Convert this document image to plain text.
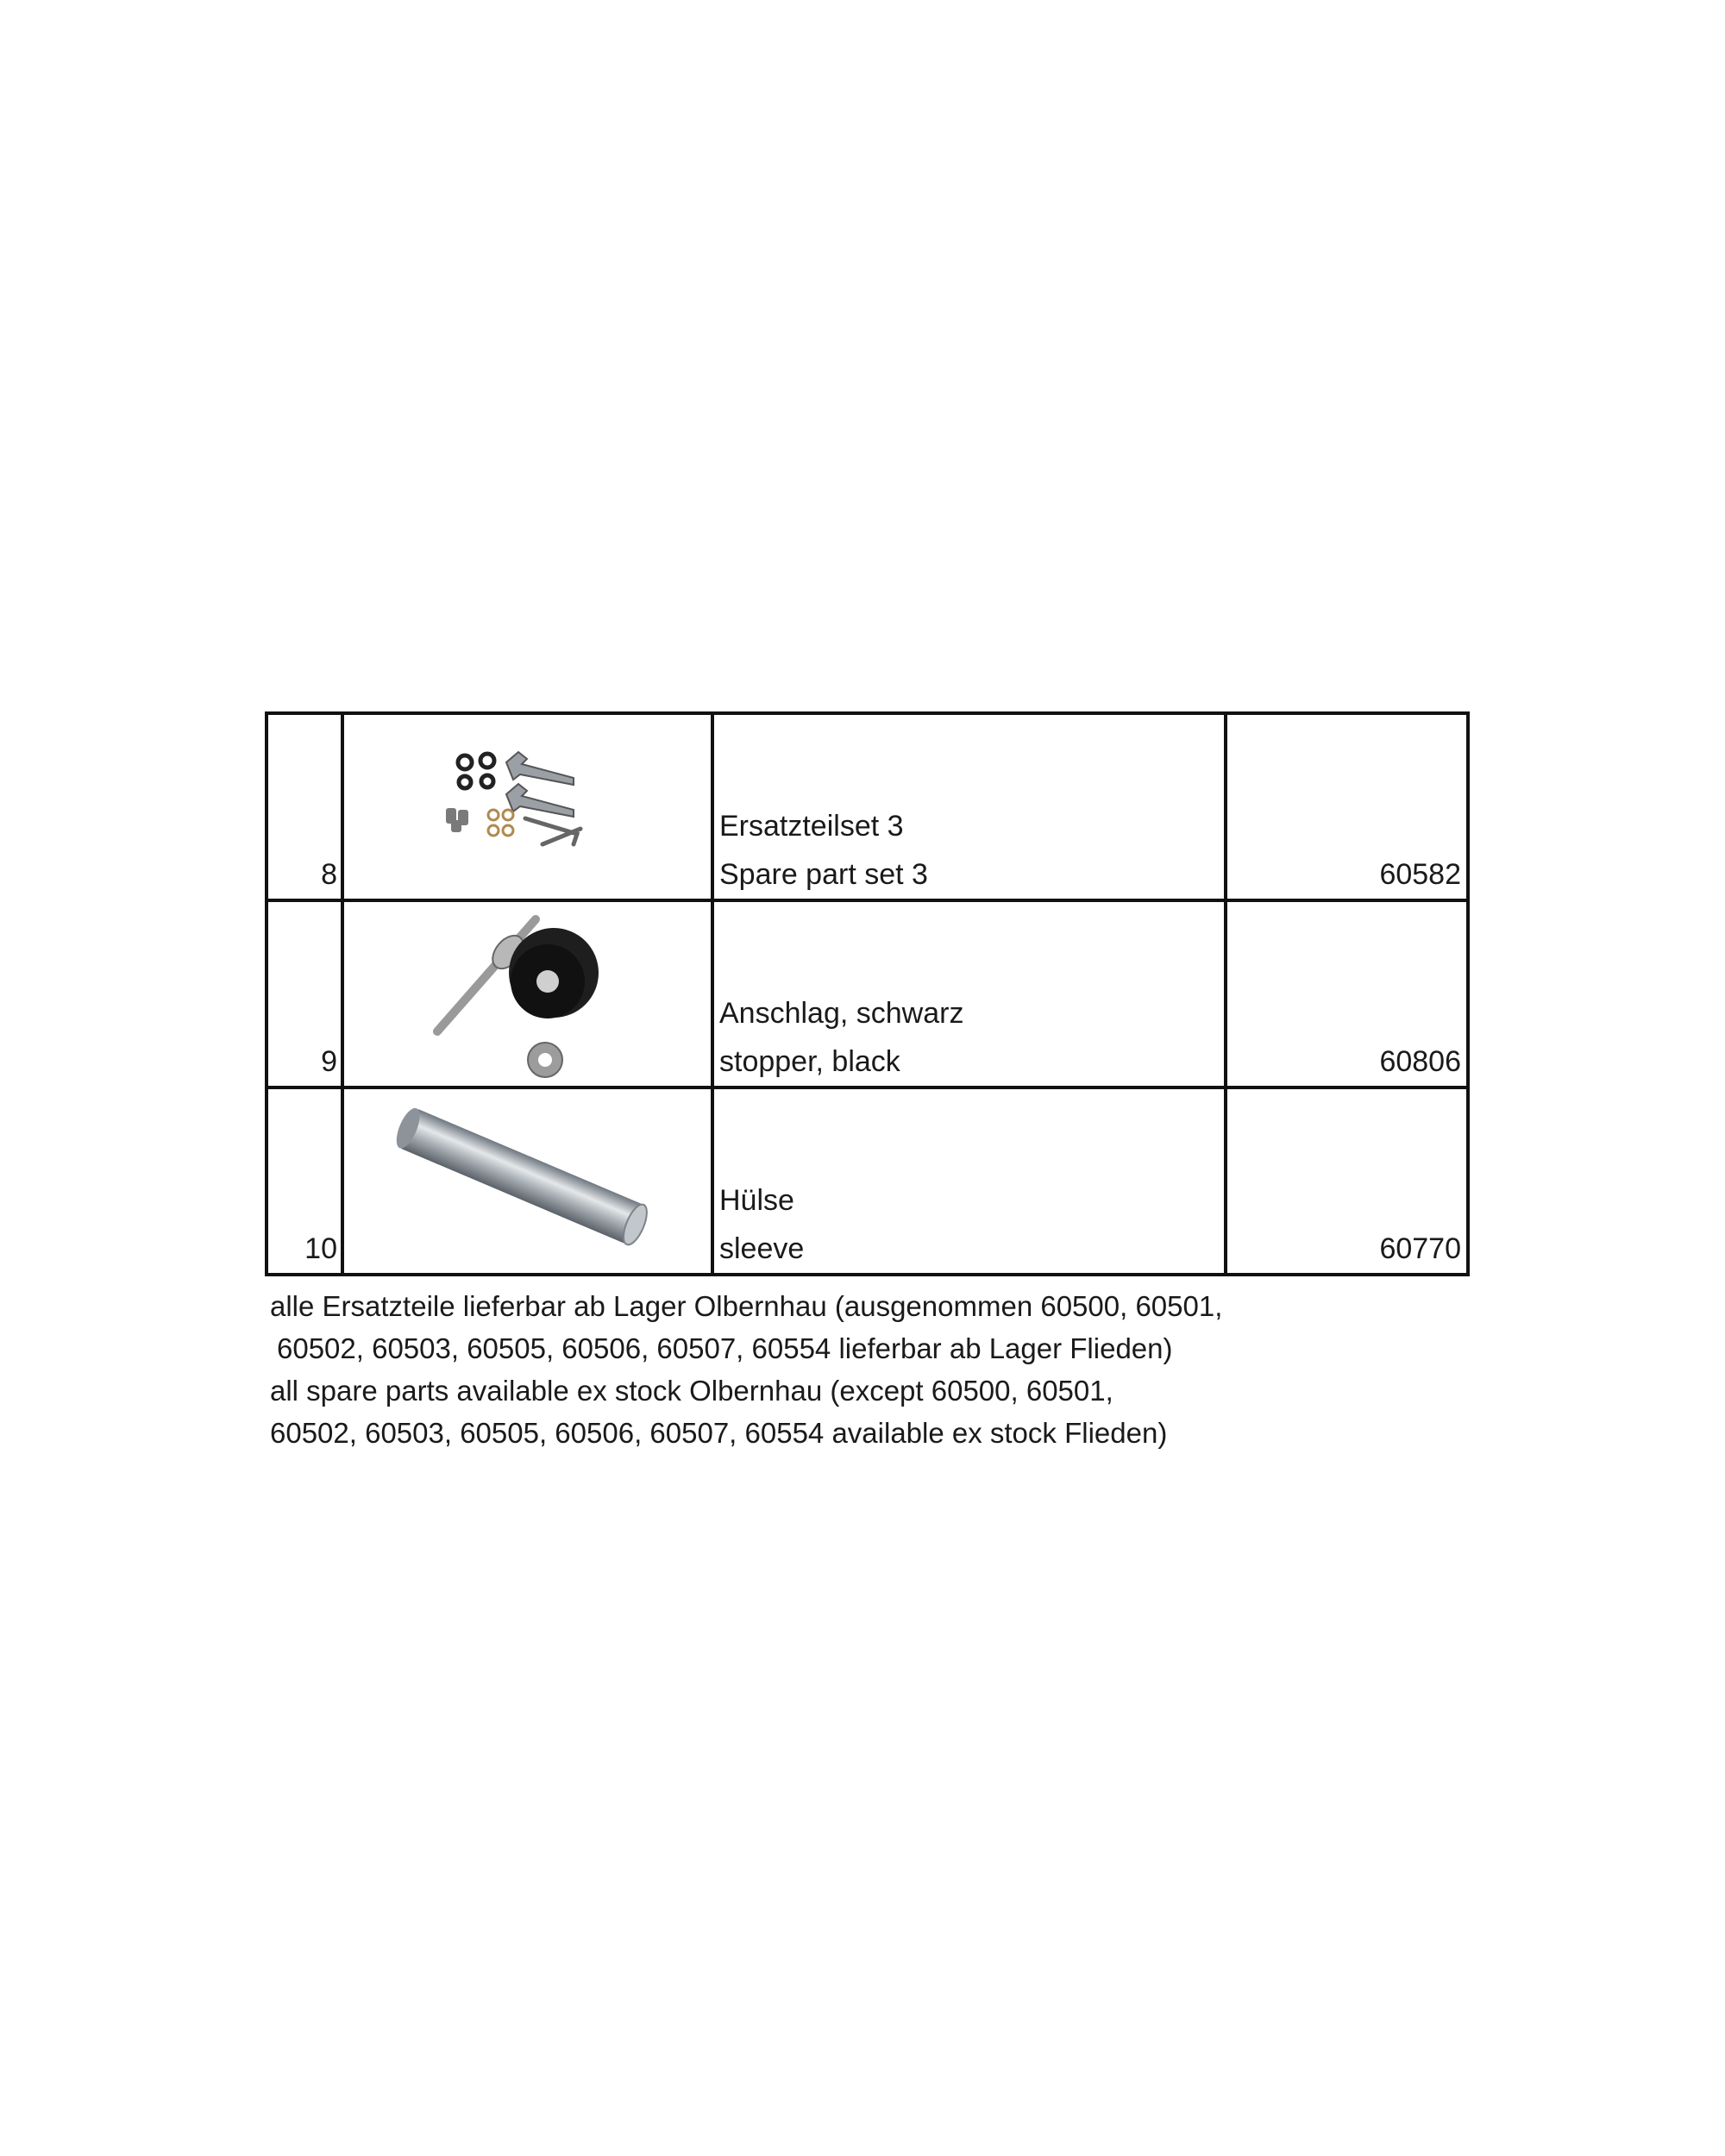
8		Ersatzteilset 3
Spare part set 3	60582
9		Anschlag, schwarz
stopper, black	60806
10		Hülse
sleeve	60770
alle Ersatzteile lieferbar ab Lager Olbernhau (ausgenommen 60500, 60501,
60502, 60503, 60505, 60506, 60507, 60554 lieferbar ab Lager Flieden)
all spare parts available ex stock Olbernhau (except 60500, 60501,
60502, 60503, 60505, 60506, 60507, 60554 available ex stock Flieden)
